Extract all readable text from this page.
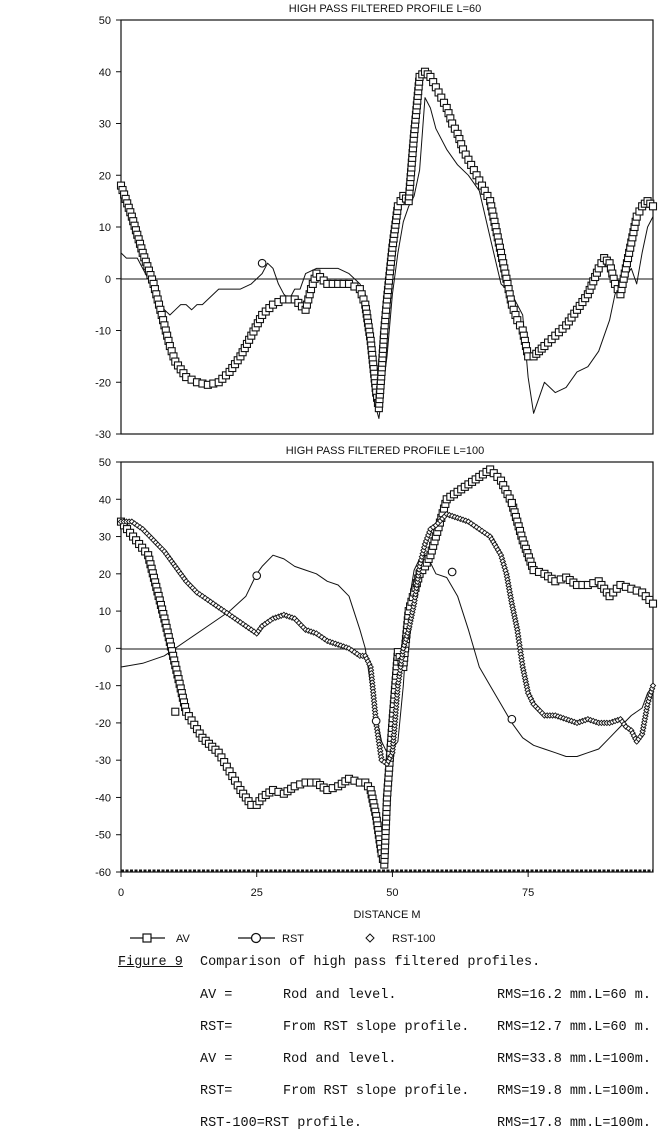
HIGH PASS FILTERED PROFILE L=60
50
40
30
20
10
0
-10
-20
-30
HIGH PASS FILTERED PROFILE L=100
50
40
30
20
10
0
-10
-20
-30
-40
-50
-60
0	25	50	75
DISTANCE M
AV	RST	RST-100
Figure 9 Comparison of high pass filtered profiles.
AV =	Rod and level.	RMS=16.2 mm.L=60 m.
RST=	From RST slope profile. RMS=12.7 mm.L=60 m.
AV =	Rod and level.	RMS=33.8 mm.L=100m.
RST=	From RST slope profile. RMS=19.8 mm.L=100m.
RST-100=RST profile.	RMS=17.8 mm.L=100m.
